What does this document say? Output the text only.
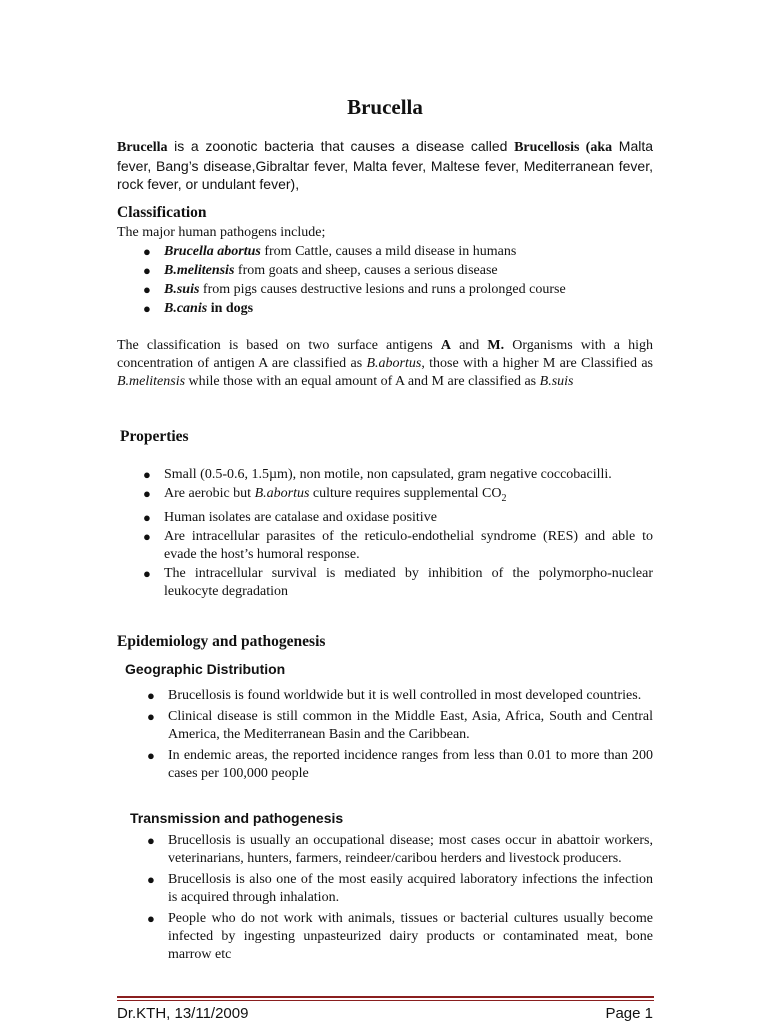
Brucella
Brucella is a zoonotic bacteria that causes a disease called Brucellosis (aka Malta fever, Bang’s disease,Gibraltar fever, Malta fever, Maltese fever, Mediterranean fever, rock fever, or undulant fever),
Classification
The major human pathogens include;
● Brucella abortus from Cattle, causes a mild disease in humans
● B.melitensis from goats and sheep, causes a serious disease
● B.suis from pigs causes destructive lesions and runs a prolonged course
● B.canis in dogs
The classification is based on two surface antigens A and M. Organisms with a high concentration of antigen A are classified as B.abortus, those with a higher M are Classified as B.melitensis while those with an equal amount of A and M are classified as B.suis
Properties
● Small (0.5-0.6, 1.5µm), non motile, non capsulated, gram negative coccobacilli.
● Are aerobic but B.abortus culture requires supplemental $CO_2$
● Human isolates are catalase and oxidase positive
● Are intracellular parasites of the reticulo-endothelial syndrome (RES) and able to evade the host’s humoral response.
● The intracellular survival is mediated by inhibition of the polymorpho-nuclear leukocyte degradation
Epidemiology and pathogenesis
Geographic Distribution
● Brucellosis is found worldwide but it is well controlled in most developed countries.
● Clinical disease is still common in the Middle East, Asia, Africa, South and Central America, the Mediterranean Basin and the Caribbean.
● In endemic areas, the reported incidence ranges from less than 0.01 to more than 200 cases per 100,000 people
Transmission and pathogenesis
● Brucellosis is usually an occupational disease; most cases occur in abattoir workers, veterinarians, hunters, farmers, reindeer/caribou herders and livestock producers.
● Brucellosis is also one of the most easily acquired laboratory infections the infection is acquired through inhalation.
● People who do not work with animals, tissues or bacterial cultures usually become infected by ingesting unpasteurized dairy products or contaminated meat, bone marrow etc
Dr.KTH, 13/11/2009	Page 1
